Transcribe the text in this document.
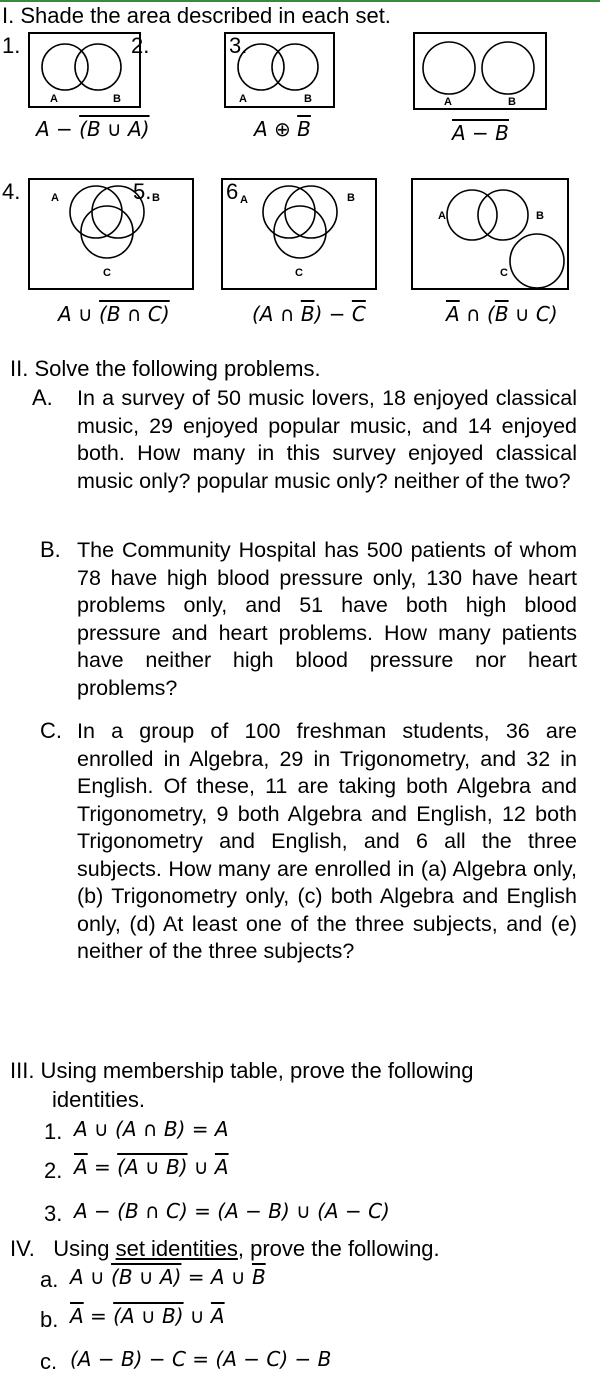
I. Shade the area described in each set.
A	B	A	B	A	B
1.	2.	3.
A − (B ∪ A)	A ⊕ $\overline{B}$	A − B
A	B
C
A	B
C
A	B
C
4.	5.	6
A ∪ (B ∩ C)	(A ∩ $\overline{B}) - \overline{C}$	$\overline{A}$ ∩ ($\overline{B}$ ∪ C)
II. Solve the following problems.
A. In a survey of 50 music lovers, 18 enjoyed classical music, 29 enjoyed popular music, and 14 enjoyed both. How many in this survey enjoyed classical music only? popular music only? neither of the two?
B. The Community Hospital has 500 patients of whom 78 have high blood pressure only, 130 have heart problems only, and 51 have both high blood pressure and heart problems. How many patients have neither high blood pressure nor heart problems?
C. In a group of 100 freshman students, 36 are enrolled in Algebra, 29 in Trigonometry, and 32 in English. Of these, 11 are taking both Algebra and Trigonometry, 9 both Algebra and English, 12 both Trigonometry and English, and 6 all the three subjects. How many are enrolled in (a) Algebra only, (b) Trigonometry only, (c) both Algebra and English only, (d) At least one of the three subjects, and (e) neither of the three subjects?
III. Using membership table, prove the following
identities.
1. A ∪ (A ∩ B) = A
2. $\overline{A} = (A$ ∪ B) ∪ $\overline{A}$
3. A − (B ∩ C) = (A − B) ∪ (A − C)
IV.   Using set identities, prove the following.
a. A ∪ (B ∪ A) = A ∪ $\overline{B}$
b. $\overline{A} = (A$ ∪ B) ∪ $\overline{A}$
c. (A − B) − C = (A − C) − B
